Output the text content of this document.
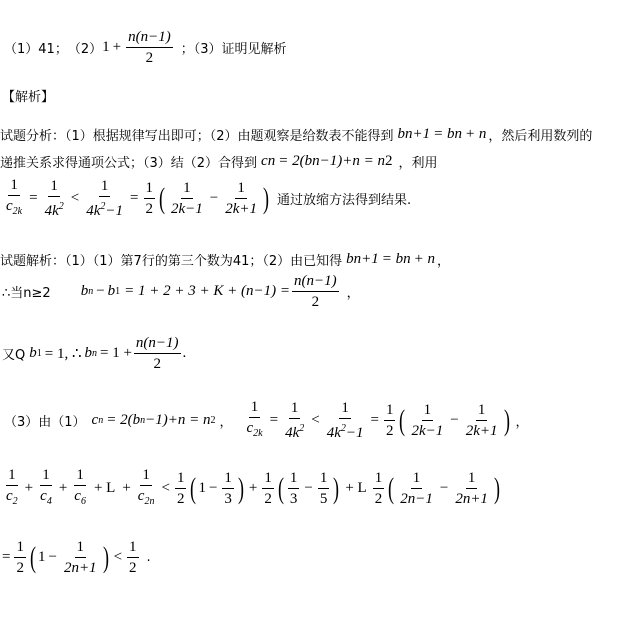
（1）41； （2） $1 + \frac{n(n-1)}{2}$ ；（3）证明见解析
【解析】
试题分析：（1）根据规律写出即可；（2）由题观察是给数表不能得到 b n+1 = b n + n ，然后利用数列的
递推关系求得通项公式；（3）结（2）合得到 c n = 2(b n −1)+n = n 2 ，利用
$\frac{1}{c_{2k}} = \frac{1}{4k^2} < \frac{1}{4k^2-1} = \frac{1}{2}$ ( $\frac{1}{2k-1} - \frac{1}{2k+1}$ ) 通过放缩方法得到结果.
试题解析：（1）（1）第7行的第三个数为41；（2）由已知得 b n+1 = b n + n ，
∴当n≥2 b n − b $1 = 1 + 2 + 3 + K + (n-1) = \frac{n(n-1)}{2}$ ，
又Q b 1 = 1, ∴ b $n = 1 + \frac{n(n-1)}{2}$ .
（3）由（1） c n = 2(b n −1)+n = n 2 ， $\frac{1}{c_{2k}} = \frac{1}{4k^2} < \frac{1}{4k^2-1} = \frac{1}{2}$ ( $\frac{1}{2k-1} - \frac{1}{2k+1}$ ) ，
$\frac{1}{c_2} + \frac{1}{c_4} + \frac{1}{c_6} + L + \frac{1}{c_{2n}} < \frac{1}{2}$ ( $1 - \frac{1}{3}$ ) + $\frac{1}{2}$ ( $\frac{1}{3} - \frac{1}{5}$ ) + L $\frac{1}{2}$ ( $\frac{1}{2n-1} - \frac{1}{2n+1}$ )
= $\frac{1}{2}$ ( $1 - \frac{1}{2n+1}$ ) < $\frac{1}{2}$ .
